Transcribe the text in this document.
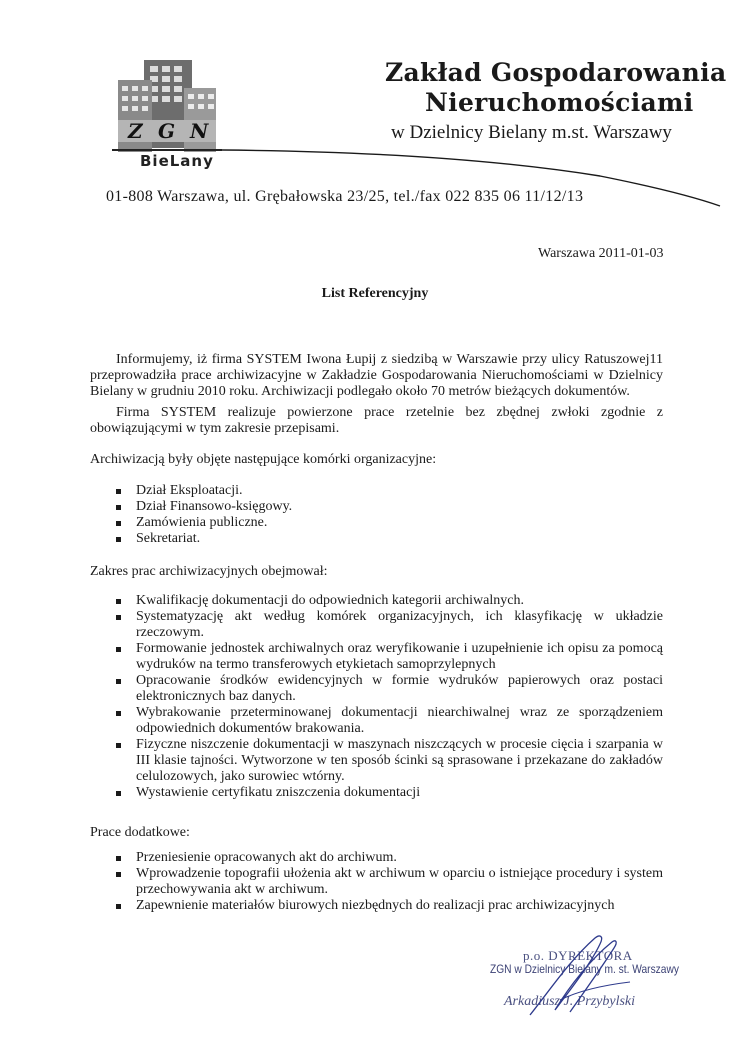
Z G N
BieLany
Zakład Gospodarowania
Nieruchomościami
w Dzielnicy Bielany m.st. Warszawy
01-808 Warszawa, ul. Grębałowska 23/25, tel./fax 022 835 06 11/12/13
Warszawa 2011-01-03
List Referencyjny
Informujemy, iż firma SYSTEM Iwona Łupij z siedzibą w Warszawie przy ulicy Ratuszowej11 przeprowadziła prace archiwizacyjne w Zakładzie Gospodarowania Nieruchomościami w Dzielnicy Bielany w grudniu 2010 roku. Archiwizacji podlegało około 70 metrów bieżących dokumentów.
Firma SYSTEM realizuje powierzone prace rzetelnie bez zbędnej zwłoki zgodnie z obowiązującymi w tym zakresie przepisami.
Archiwizacją były objęte następujące komórki organizacyjne:
Dział Eksploatacji.
Dział Finansowo-księgowy.
Zamówienia publiczne.
Sekretariat.
Zakres prac archiwizacyjnych obejmował:
Kwalifikację dokumentacji do odpowiednich kategorii archiwalnych.
Systematyzację akt według komórek organizacyjnych, ich klasyfikację w układzie rzeczowym.
Formowanie jednostek archiwalnych oraz weryfikowanie i uzupełnienie ich opisu za pomocą wydruków na termo transferowych etykietach samoprzylepnych
Opracowanie środków ewidencyjnych w formie wydruków papierowych oraz postaci elektronicznych baz danych.
Wybrakowanie przeterminowanej dokumentacji niearchiwalnej wraz ze sporządzeniem odpowiednich dokumentów brakowania.
Fizyczne niszczenie dokumentacji w maszynach niszczących w procesie cięcia i szarpania w III klasie tajności. Wytworzone w ten sposób ścinki są sprasowane i przekazane do zakładów celulozowych, jako surowiec wtórny.
Wystawienie certyfikatu zniszczenia dokumentacji
Prace dodatkowe:
Przeniesienie opracowanych akt do archiwum.
Wprowadzenie topografii ułożenia akt w archiwum w oparciu o istniejące procedury i system przechowywania akt w archiwum.
Zapewnienie materiałów biurowych niezbędnych do realizacji prac archiwizacyjnych
p.o. DYREKTORA
ZGN w Dzielnicy Bielany m. st. Warszawy
Arkadiusz J. Przybylski
